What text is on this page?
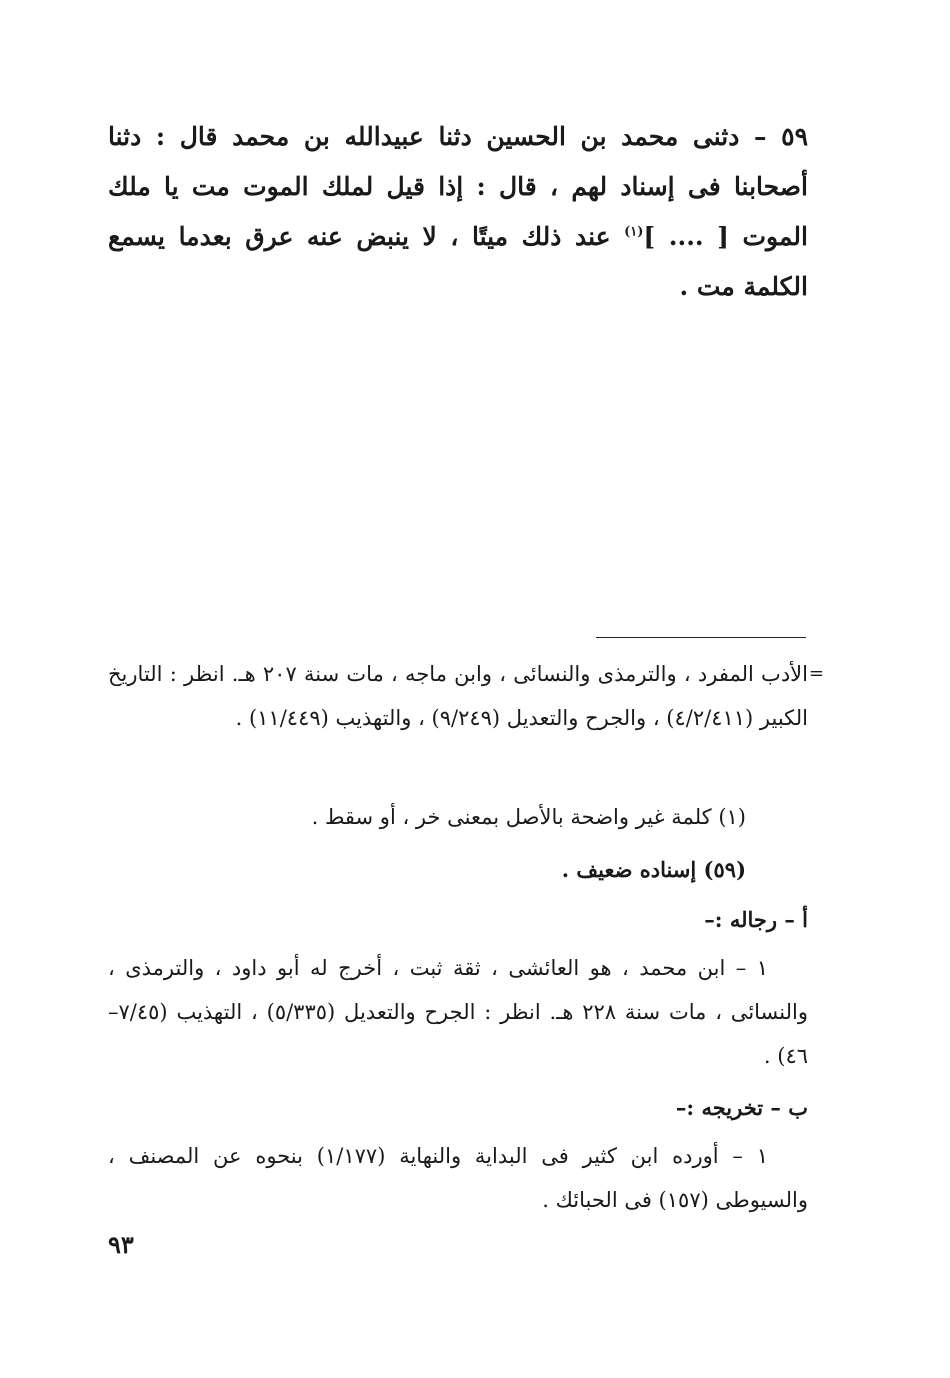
٥٩ – دثنى محمد بن الحسين دثنا عبيدالله بن محمد قال : دثنا أصحابنا فى إسناد لهم ، قال : إذا قيل لملك الموت مت يا ملك الموت [ .... ]$^{(١)}$ عند ذلك ميتًا ، لا ينبض عنه عرق بعدما يسمع الكلمة مت .
=
الأدب المفرد ، والترمذى والنسائى ، وابن ماجه ، مات سنة ٢٠٧ هـ. انظر : التاريخ الكبير (٤/٢/٤١١) ، والجرح والتعديل (٩/٢٤٩) ، والتهذيب (١١/٤٤٩) .
(١) كلمة غير واضحة بالأصل بمعنى خر ، أو سقط .
(٥٩) إسناده ضعيف .
أ – رجاله :–
١ – ابن محمد ، هو العائشى ، ثقة ثبت ، أخرج له أبو داود ، والترمذى ، والنسائى ، مات سنة ٢٢٨ هـ. انظر : الجرح والتعديل (٥/٣٣٥) ، التهذيب (٧/٤٥–٤٦) .
ب – تخريجه :–
١ – أورده ابن كثير فى البداية والنهاية (١/١٧٧) بنحوه عن المصنف ، والسيوطى (١٥٧) فى الحبائك .
٩٣
